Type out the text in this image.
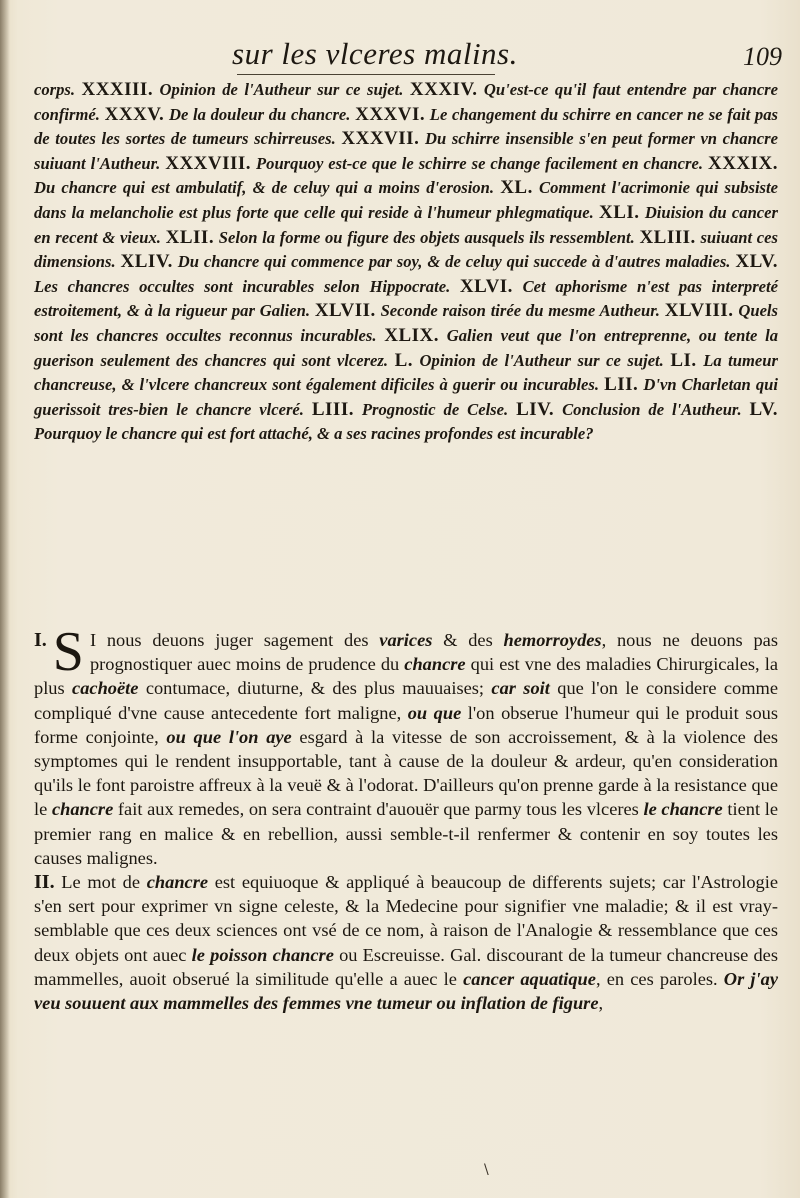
sur les vlceres malins.	109
corps. XXXIII. Opinion de l'Autheur sur ce sujet. XXXIV. Qu'est-ce qu'il faut entendre par chancre confirmé. XXXV. De la douleur du chancre. XXXVI. Le changement du schirre en cancer ne se fait pas de toutes les sortes de tumeurs schirreuses. XXXVII. Du schirre insensible s'en peut former vn chancre suiuant l'Autheur. XXXVIII. Pourquoy est-ce que le schirre se change facilement en chancre. XXXIX. Du chancre qui est ambulatif, & de celuy qui a moins d'erosion. XL. Comment l'acrimonie qui subsiste dans la melancholie est plus forte que celle qui reside à l'humeur phlegmatique. XLI. Diuision du cancer en recent & vieux. XLII. Selon la forme ou figure des objets ausquels ils ressemblent. XLIII. suiuant ces dimensions. XLIV. Du chancre qui commence par soy, & de celuy qui succede à d'autres maladies. XLV. Les chancres occultes sont incurables selon Hippocrate. XLVI. Cet aphorisme n'est pas interpreté estroitement, & à la rigueur par Galien. XLVII. Seconde raison tirée du mesme Autheur. XLVIII. Quels sont les chancres occultes reconnus incurables. XLIX. Galien veut que l'on entreprenne, ou tente la guerison seulement des chancres qui sont vlcerez. L. Opinion de l'Autheur sur ce sujet. LI. La tumeur chancreuse, & l'vlcere chancreux sont également dificiles à guerir ou incurables. LII. D'vn Charletan qui guerissoit tres-bien le chancre vlceré. LIII. Prognostic de Celse. LIV. Conclusion de l'Autheur. LV. Pourquoy le chancre qui est fort attaché, & a ses racines profondes est incurable?

I. S I nous deuons juger sagement des varices & des hemorroydes, nous ne deuons pas prognostiquer auec moins de prudence du chancre qui est vne des maladies Chirurgicales, la plus cachoëte contumace, diuturne, & des plus mauuaises; car soit que l'on le considere comme compliqué d'vne cause antecedente fort maligne, ou que l'on obserue l'humeur qui le produit sous forme conjointe, ou que l'on aye esgard à la vitesse de son accroissement, & à la violence des symptomes qui le rendent insupportable, tant à cause de la douleur & ardeur, qu'en consideration qu'ils le font paroistre affreux à la veuë & à l'odorat. D'ailleurs qu'on prenne garde à la resistance que le chancre fait aux remedes, on sera contraint d'auouër que parmy tous les vlceres le chancre tient le premier rang en malice & en rebellion, aussi semble-t-il renfermer & contenir en soy toutes les causes malignes.

II. Le mot de chancre est equiuoque & appliqué à beaucoup de differents sujets; car l'Astrologie s'en sert pour exprimer vn signe celeste, & la Medecine pour signifier vne maladie; & il est vray-semblable que ces deux sciences ont vsé de ce nom, à raison de l'Analogie & ressemblance que ces deux objets ont auec le poisson chancre ou Escreuisse. Gal. discourant de la tumeur chancreuse des mammelles, auoit obserué la similitude qu'elle a auec le cancer aquatique, en ces paroles. Or j'ay veu souuent aux mammelles des femmes vne tumeur ou inflation de figure,

\
